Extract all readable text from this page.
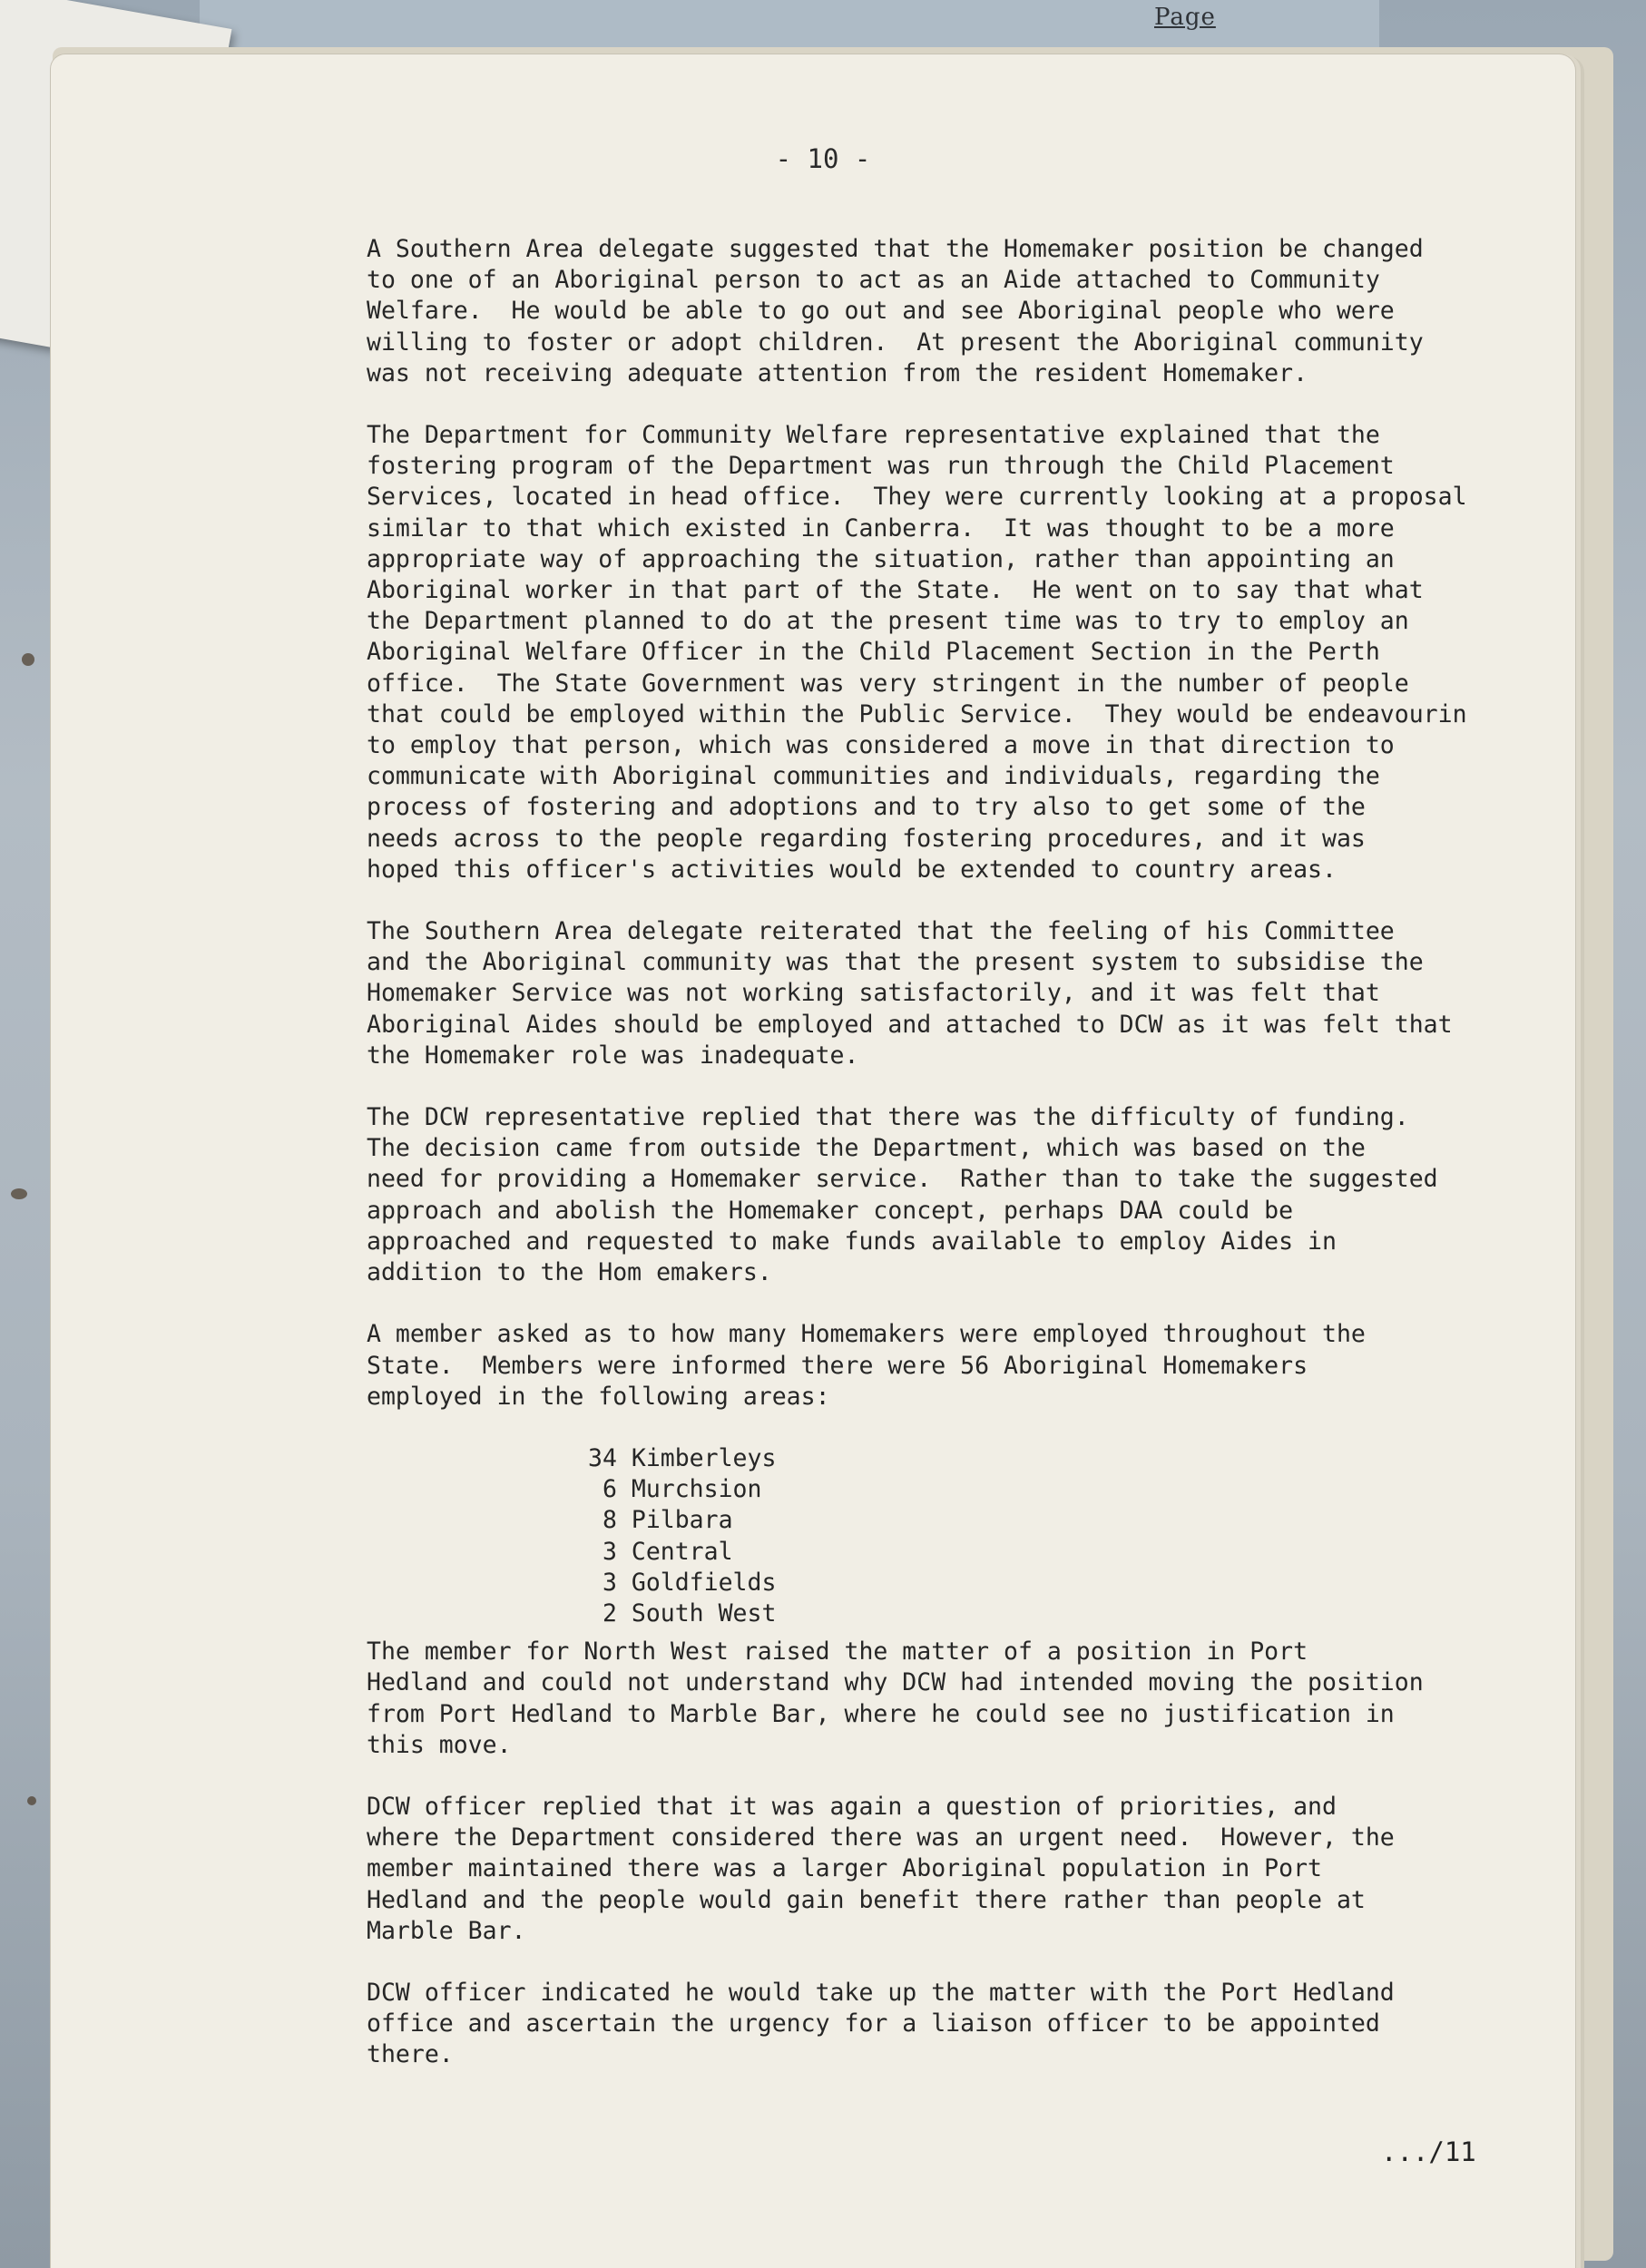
Page
- 10 -

A Southern Area delegate suggested that the Homemaker position be changed
to one of an Aboriginal person to act as an Aide attached to Community
Welfare.  He would be able to go out and see Aboriginal people who were
willing to foster or adopt children.  At present the Aboriginal community
was not receiving adequate attention from the resident Homemaker.

The Department for Community Welfare representative explained that the
fostering program of the Department was run through the Child Placement
Services, located in head office.  They were currently looking at a proposal
similar to that which existed in Canberra.  It was thought to be a more
appropriate way of approaching the situation, rather than appointing an
Aboriginal worker in that part of the State.  He went on to say that what
the Department planned to do at the present time was to try to employ an
Aboriginal Welfare Officer in the Child Placement Section in the Perth
office.  The State Government was very stringent in the number of people
that could be employed within the Public Service.  They would be endeavourin
to employ that person, which was considered a move in that direction to
communicate with Aboriginal communities and individuals, regarding the
process of fostering and adoptions and to try also to get some of the
needs across to the people regarding fostering procedures, and it was
hoped this officer's activities would be extended to country areas.

The Southern Area delegate reiterated that the feeling of his Committee
and the Aboriginal community was that the present system to subsidise the
Homemaker Service was not working satisfactorily, and it was felt that
Aboriginal Aides should be employed and attached to DCW as it was felt that
the Homemaker role was inadequate.

The DCW representative replied that there was the difficulty of funding.
The decision came from outside the Department, which was based on the
need for providing a Homemaker service.  Rather than to take the suggested
approach and abolish the Homemaker concept, perhaps DAA could be
approached and requested to make funds available to employ Aides in
addition to the Hom emakers.

A member asked as to how many Homemakers were employed throughout the
State.  Members were informed there were 56 Aboriginal Homemakers
employed in the following areas:

34 Kimberleys
6 Murchsion
8 Pilbara
3 Central
3 Goldfields
2 South West

The member for North West raised the matter of a position in Port
Hedland and could not understand why DCW had intended moving the position
from Port Hedland to Marble Bar, where he could see no justification in
this move.

DCW officer replied that it was again a question of priorities, and
where the Department considered there was an urgent need.  However, the
member maintained there was a larger Aboriginal population in Port
Hedland and the people would gain benefit there rather than people at
Marble Bar.

DCW officer indicated he would take up the matter with the Port Hedland
office and ascertain the urgency for a liaison officer to be appointed
there.

.../11
